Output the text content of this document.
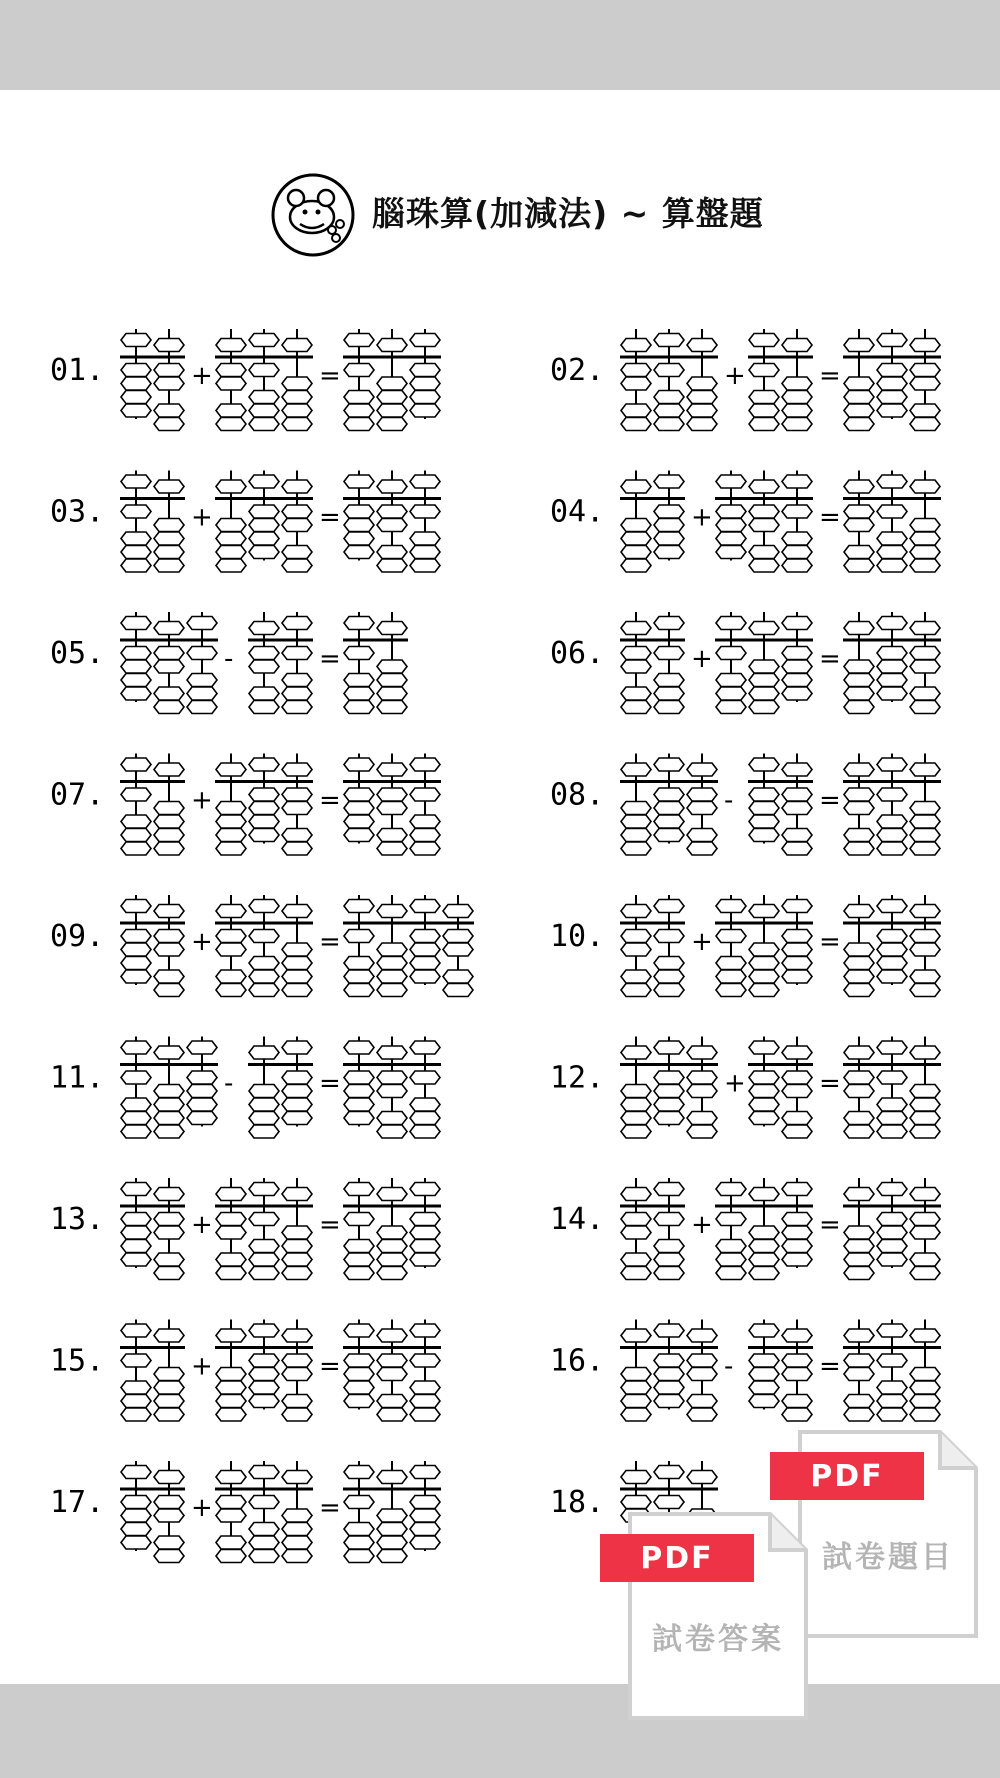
腦珠算(加減法) ~ 算盤題
01.	+	=	02.	+	=
03.	+	=	04.	+	=
05.	-	=	06.	+	=
07.	+	=	08.	-	=
09.	+	=	10.	+	=
11.	-	=	12.	+	=
13.	+	=	14.	+	=
15.	+	=	16.	-	=
17.	+	=	18.
PDF
試卷題目
PDF
試卷答案
